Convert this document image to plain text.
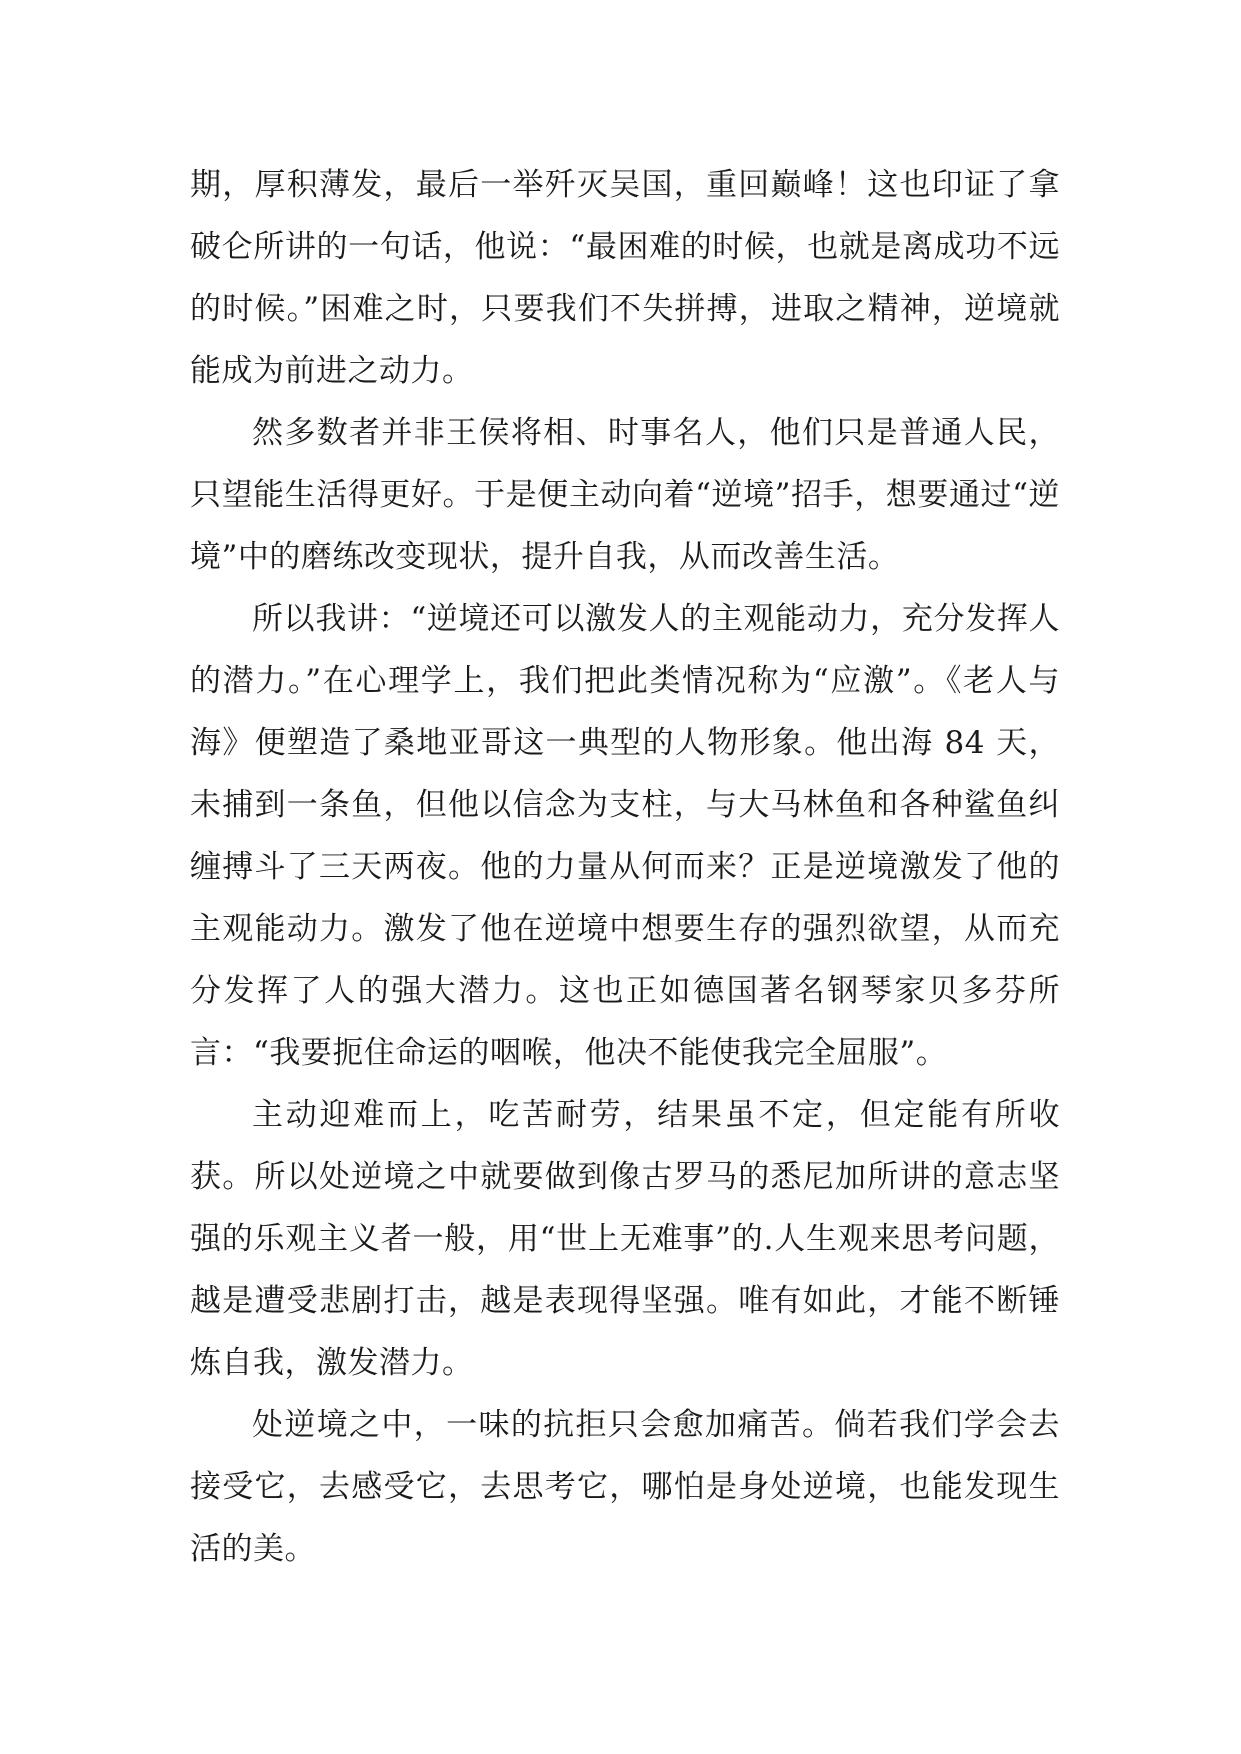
期，厚积薄发，最后一举歼灭吴国，重回巅峰！这也印证了拿破仑所讲的一句话，他说：“最困难的时候，也就是离成功不远的时候。”困难之时，只要我们不失拼搏，进取之精神，逆境就能成为前进之动力。

然多数者并非王侯将相、时事名人，他们只是普通人民，只望能生活得更好。于是便主动向着“逆境”招手，想要通过“逆境”中的磨练改变现状，提升自我，从而改善生活。

所以我讲：“逆境还可以激发人的主观能动力，充分发挥人的潜力。”在心理学上，我们把此类情况称为“应激”。《老人与海》便塑造了桑地亚哥这一典型的人物形象。他出海 84 天，未捕到一条鱼，但他以信念为支柱，与大马林鱼和各种鲨鱼纠缠搏斗了三天两夜。他的力量从何而来？正是逆境激发了他的主观能动力。激发了他在逆境中想要生存的强烈欲望，从而充分发挥了人的强大潜力。这也正如德国著名钢琴家贝多芬所言：“我要扼住命运的咽喉，他决不能使我完全屈服”。

主动迎难而上，吃苦耐劳，结果虽不定，但定能有所收获。所以处逆境之中就要做到像古罗马的悉尼加所讲的意志坚强的乐观主义者一般，用“世上无难事”的.人生观来思考问题，越是遭受悲剧打击，越是表现得坚强。唯有如此，才能不断锤炼自我，激发潜力。

处逆境之中，一味的抗拒只会愈加痛苦。倘若我们学会去接受它，去感受它，去思考它，哪怕是身处逆境，也能发现生活的美。
